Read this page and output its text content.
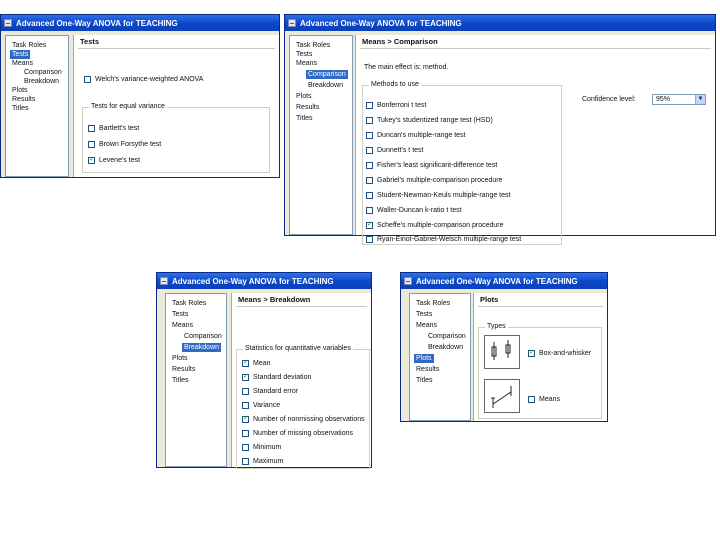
Advanced One-Way ANOVA for TEACHING
Task Roles
Tests
Means
Comparison
Breakdown
Plots
Results
Titles
Tests
Welch's variance-weighted ANOVA
Tests for equal variance
Bartlett's test
Brown Forsythe test
✓
Levene's test
Advanced One-Way ANOVA for TEACHING
Task Roles
Tests
Means
Comparison
Breakdown
Plots
Results
Titles
Means > Comparison
The main effect is: method.
Methods to use
Confidence level:	95%	▼
Bonferroni t test
Tukey's studentized range test (HSD)
Duncan's multiple-range test
Dunnett's t test
Fisher's least significant-difference test
Gabriel's multiple-comparison procedure
Student-Newman-Keuls multiple-range test
Waller-Duncan k-ratio t test
✓
Scheffe's multiple-comparison procedure
Ryan-Einot-Gabriel-Welsch multiple-range test
Advanced One-Way ANOVA for TEACHING
Task Roles
Tests
Means
Comparison
Breakdown
Plots
Results
Titles
Means > Breakdown
Statistics for quantitative variables
✓
Mean
✓
Standard deviation
Standard error
Variance
✓
Number of nonmissing observations
Number of missing observations
Minimum
Maximum
Advanced One-Way ANOVA for TEACHING
Task Roles
Tests
Means
Comparison
Breakdown
Plots
Results
Titles
Plots
Types
✓
Box-and-whisker
Means
